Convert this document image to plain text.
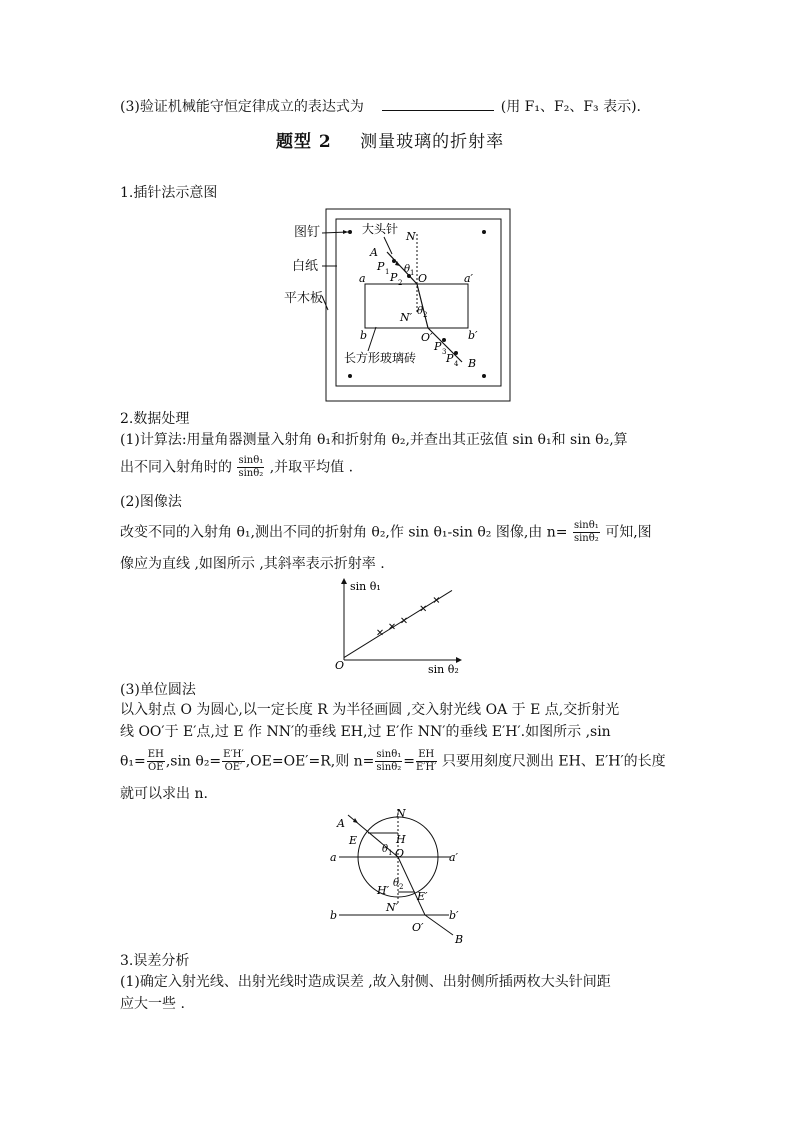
(3)验证机械能守恒定律成立的表达式为	(用 F₁、F₂、F₃ 表示).
题型 2 测量玻璃的折射率
1.插针法示意图
大头针
A
N
P 1 θ 1
P 2 O
a	a′
N′ θ 2
b	b′
O′
P 3 P 4 B
长方形玻璃砖
图钉
白纸
平木板
2.数据处理
(1)计算法:用量角器测量入射角 θ₁和折射角 θ₂,并查出其正弦值 sin θ₁和 sin θ₂,算
出不同入射角时的 $\frac{\text{sinθ₁}}{\text{sinθ₂}}$ ,并取平均值 .
(2)图像法
改变不同的入射角 θ₁,测出不同的折射角 θ₂,作 sin θ₁-sin θ₂ 图像,由 $n= \frac{\text{sinθ₁}}{\text{sinθ₂}}$ 可知,图
像应为直线 ,如图所示 ,其斜率表示折射率 .
sin θ₁
sin θ₂
O
(3)单位圆法
以入射点 O 为圆心,以一定长度 R 为半径画圆 ,交入射光线 OA 于 E 点,交折射光
线 OO′于 E′点,过 E 作 NN′的垂线 EH,过 E′作 NN′的垂线 E′H′.如图所示 ,sin
$\theta_1= \frac{EH}{OE} ,\sin$ $\theta_2= \frac{E'H'}{OE'} ,OE=OE'=R$,则 $n= \frac{\text{sinθ₁}}{\text{sinθ₂}} = \frac{EH}{E'H'}$ 只要用刻度尺测出 EH、E′H′的长度
就可以求出 n.
N
A
H
E
θ 1 O
a	a′
H′
θ 2
E′
N′
b	b′
O′
B
3.误差分析
(1)确定入射光线、出射光线时造成误差 ,故入射侧、出射侧所插两枚大头针间距
应大一些 .
